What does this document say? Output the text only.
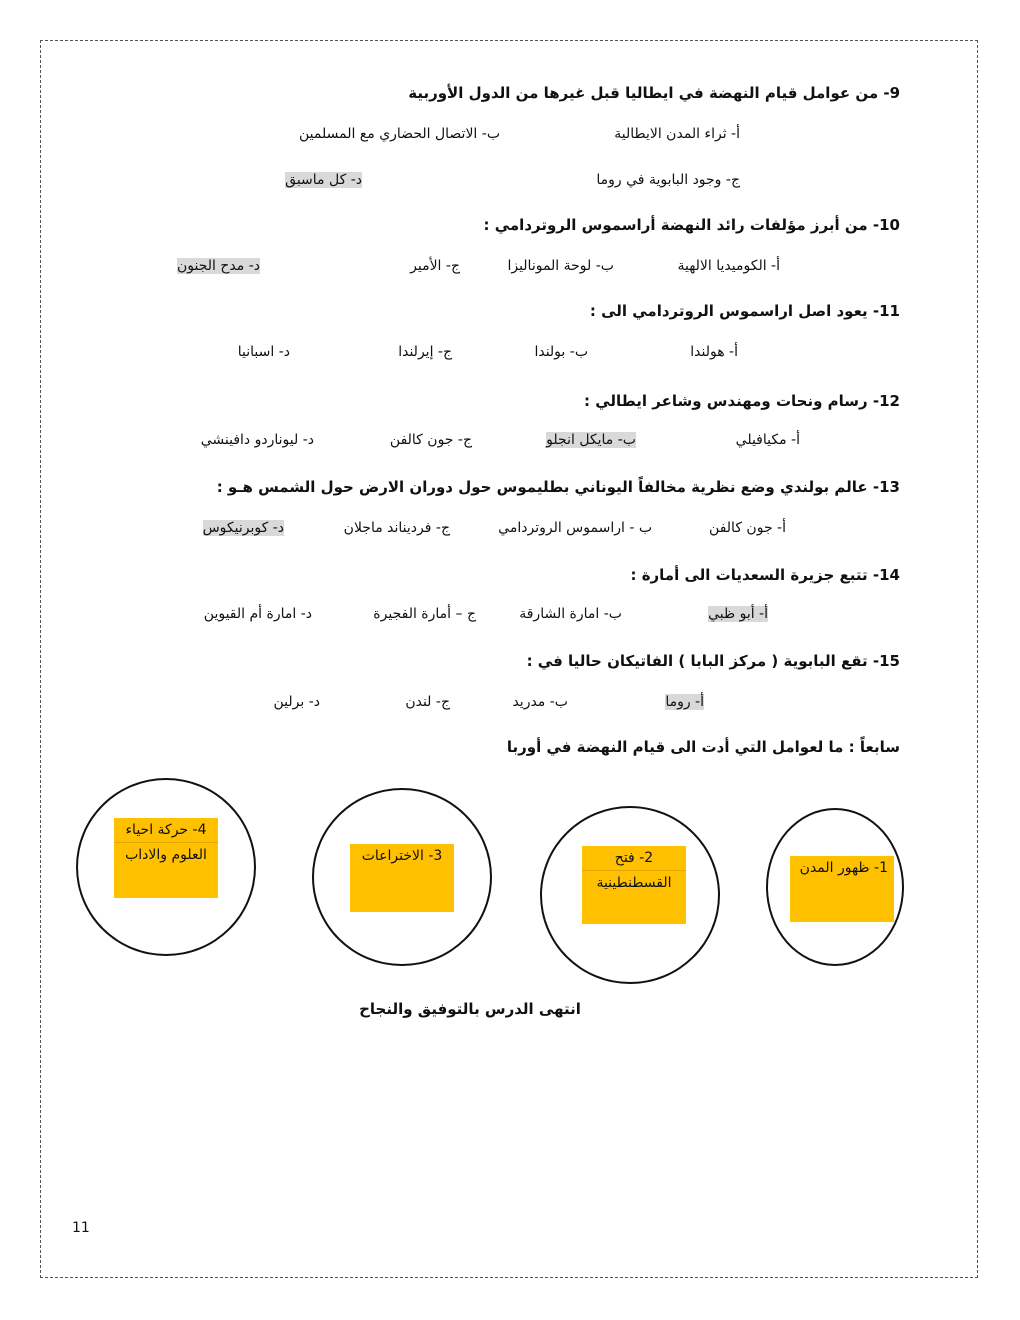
9- من عوامل قيام النهضة في ايطاليا قبل غيرها من الدول الأوربية
أ- ثراء المدن الايطالية
ب- الاتصال الحضاري مع المسلمين
ج- وجود البابوية في روما
د- كل ماسبق
10- من أبرز مؤلفات رائد النهضة أراسموس الروتردامي :
أ- الكوميديا الالهية
ب- لوحة الموناليزا
ج- الأمير
د- مدح الجنون
11- يعود اصل اراسموس الروتردامي الى :
أ- هولندا
ب- بولندا
ج- إيرلندا
د- اسبانيا
12- رسام ونحات ومهندس وشاعر ايطالي :
أ- مكيافيلي
ب- مايكل انجلو
ج- جون كالفن
د- ليوناردو دافينشي
13- عالم بولندي وضع نظرية مخالفاً اليوناني بطليموس حول دوران الارض حول الشمس هـو :
أ- جون كالفن
ب - اراسموس الروتردامي
ج- فرديناند ماجلان
د- كوبرنيكوس
14- تتبع جزيرة السعديات الى أمارة :
أ- أبو ظبي
ب- امارة الشارقة
ج – أمارة الفجيرة
د- امارة أم القيوين
15- تقع البابوية ( مركز البابا ) الفاتيكان حاليا في :
أ- روما
ب- مدريد
ج- لندن
د- برلين
سابعاً : ما لعوامل التي أدت الى قيام النهضة في أوربا
4- حركة احياء
العلوم والاداب	3- الاختراعات	2- فتح
القسطنطينية
1- ظهور المدن
انتهى الدرس بالتوفيق والنجاح
11
